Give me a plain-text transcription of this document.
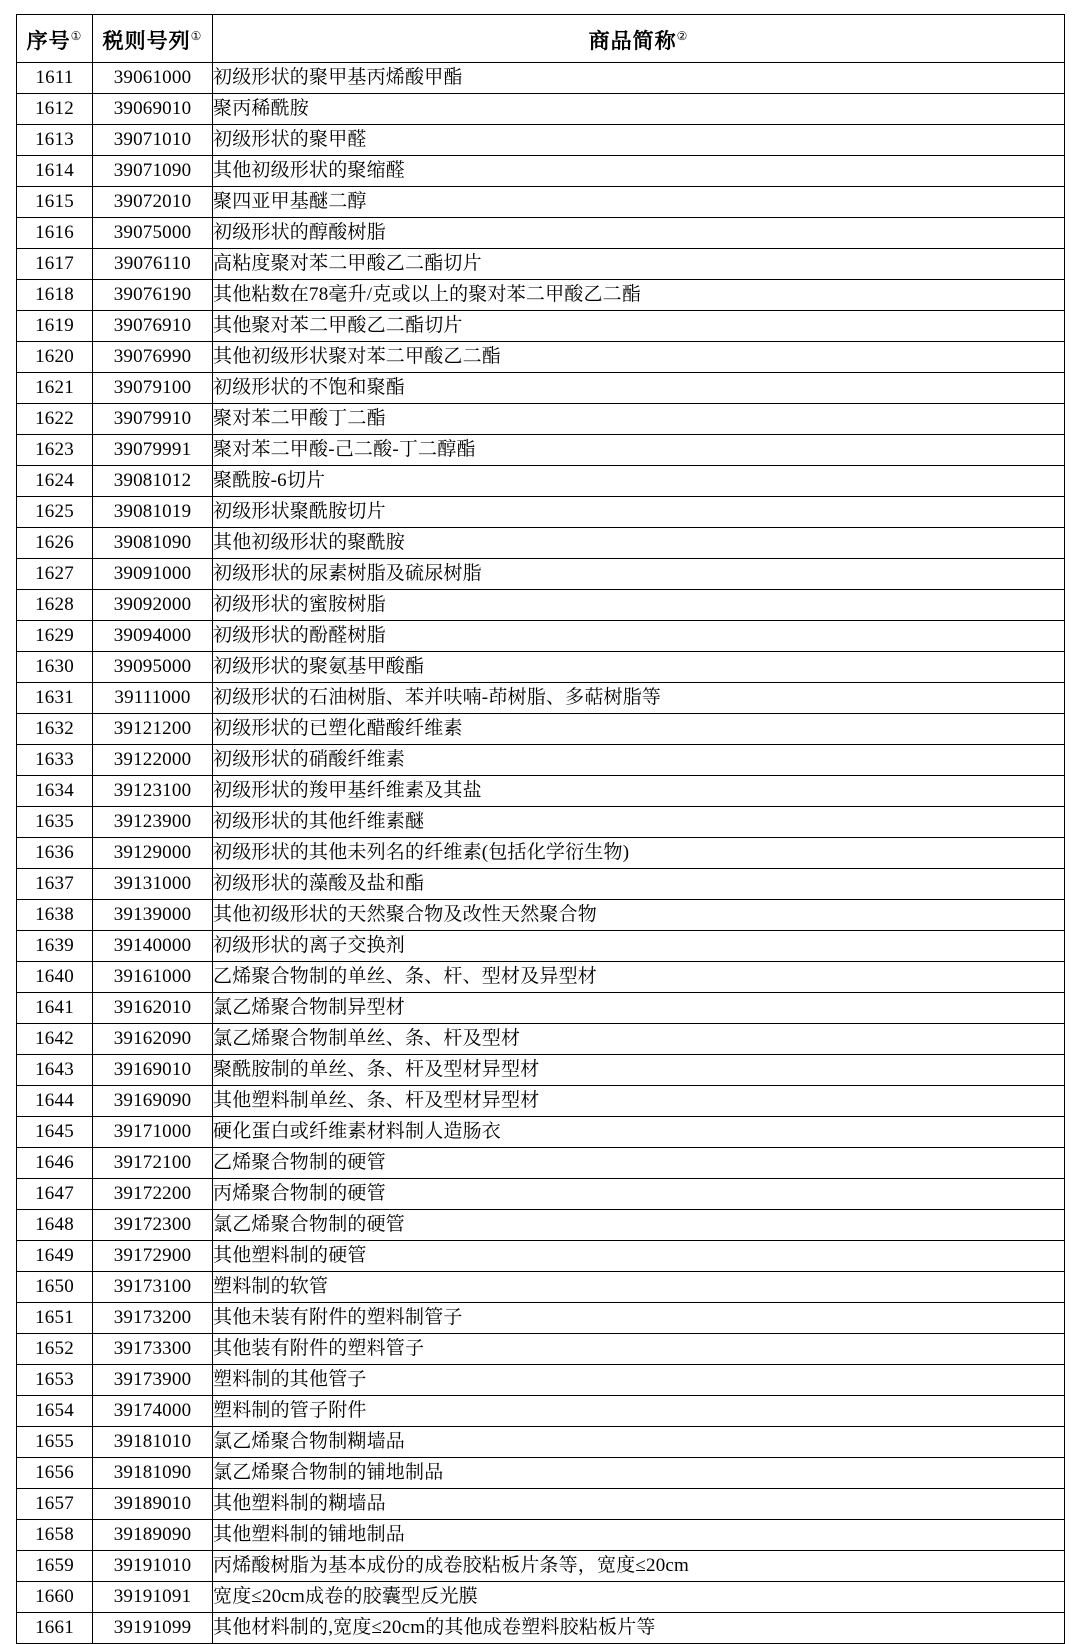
序号①	税则号列①	商品简称②
1611	39061000	初级形状的聚甲基丙烯酸甲酯
1612	39069010	聚丙稀酰胺
1613	39071010	初级形状的聚甲醛
1614	39071090	其他初级形状的聚缩醛
1615	39072010	聚四亚甲基醚二醇
1616	39075000	初级形状的醇酸树脂
1617	39076110	高粘度聚对苯二甲酸乙二酯切片
1618	39076190	其他粘数在78毫升/克或以上的聚对苯二甲酸乙二酯
1619	39076910	其他聚对苯二甲酸乙二酯切片
1620	39076990	其他初级形状聚对苯二甲酸乙二酯
1621	39079100	初级形状的不饱和聚酯
1622	39079910	聚对苯二甲酸丁二酯
1623	39079991	聚对苯二甲酸-己二酸-丁二醇酯
1624	39081012	聚酰胺-6切片
1625	39081019	初级形状聚酰胺切片
1626	39081090	其他初级形状的聚酰胺
1627	39091000	初级形状的尿素树脂及硫尿树脂
1628	39092000	初级形状的蜜胺树脂
1629	39094000	初级形状的酚醛树脂
1630	39095000	初级形状的聚氨基甲酸酯
1631	39111000	初级形状的石油树脂、苯并呋喃-茚树脂、多萜树脂等
1632	39121200	初级形状的已塑化醋酸纤维素
1633	39122000	初级形状的硝酸纤维素
1634	39123100	初级形状的羧甲基纤维素及其盐
1635	39123900	初级形状的其他纤维素醚
1636	39129000	初级形状的其他未列名的纤维素(包括化学衍生物)
1637	39131000	初级形状的藻酸及盐和酯
1638	39139000	其他初级形状的天然聚合物及改性天然聚合物
1639	39140000	初级形状的离子交换剂
1640	39161000	乙烯聚合物制的单丝、条、杆、型材及异型材
1641	39162010	氯乙烯聚合物制异型材
1642	39162090	氯乙烯聚合物制单丝、条、杆及型材
1643	39169010	聚酰胺制的单丝、条、杆及型材异型材
1644	39169090	其他塑料制单丝、条、杆及型材异型材
1645	39171000	硬化蛋白或纤维素材料制人造肠衣
1646	39172100	乙烯聚合物制的硬管
1647	39172200	丙烯聚合物制的硬管
1648	39172300	氯乙烯聚合物制的硬管
1649	39172900	其他塑料制的硬管
1650	39173100	塑料制的软管
1651	39173200	其他未装有附件的塑料制管子
1652	39173300	其他装有附件的塑料管子
1653	39173900	塑料制的其他管子
1654	39174000	塑料制的管子附件
1655	39181010	氯乙烯聚合物制糊墙品
1656	39181090	氯乙烯聚合物制的铺地制品
1657	39189010	其他塑料制的糊墙品
1658	39189090	其他塑料制的铺地制品
1659	39191010	丙烯酸树脂为基本成份的成卷胶粘板片条等，宽度≤20cm
1660	39191091	宽度≤20cm成卷的胶囊型反光膜
1661	39191099	其他材料制的,宽度≤20cm的其他成卷塑料胶粘板片等
